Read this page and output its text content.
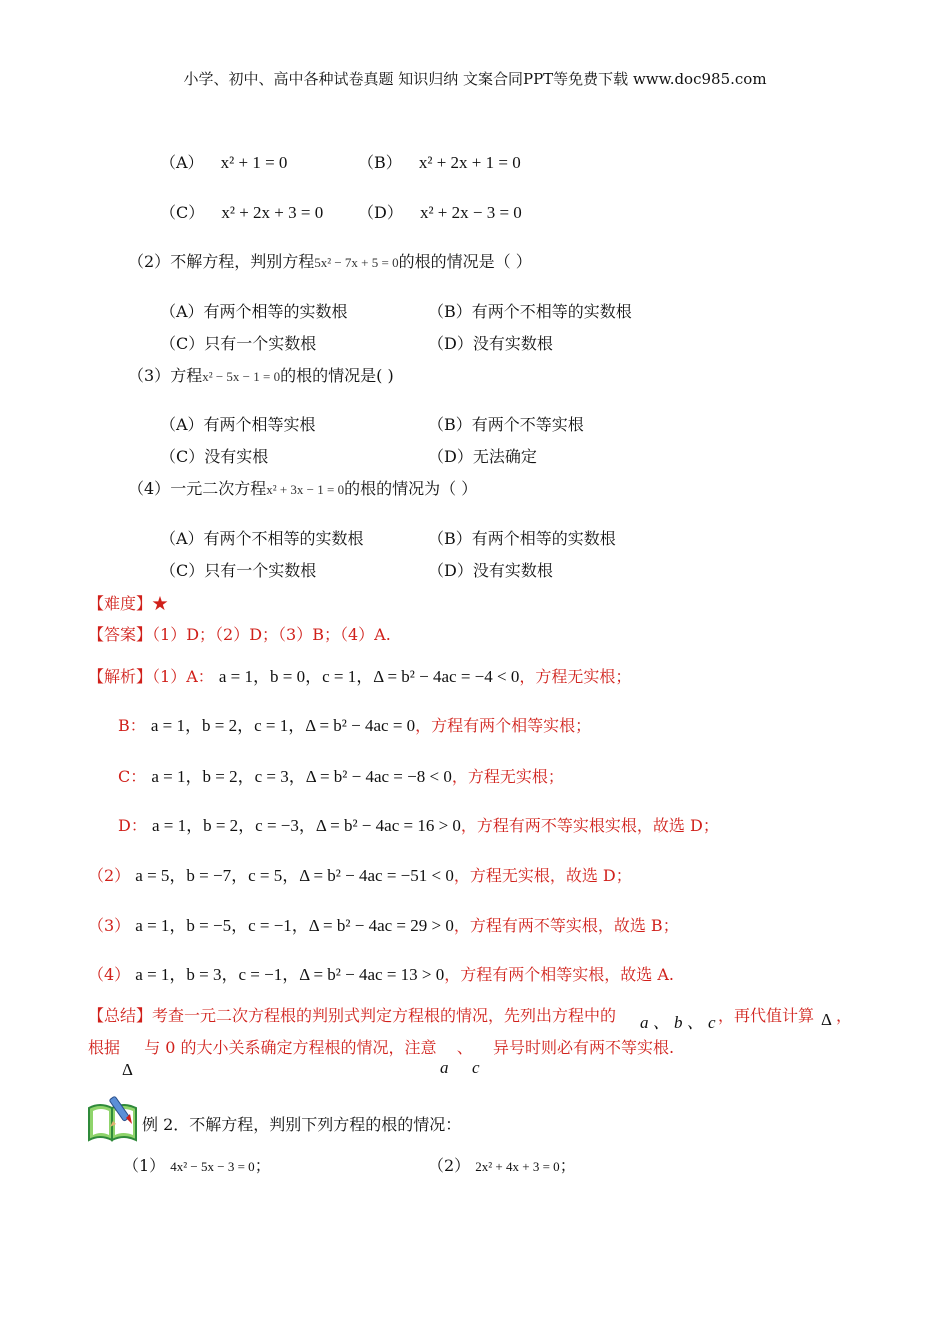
小学、初中、高中各种试卷真题 知识归纳 文案合同PPT等免费下载 www.doc985.com
（A） x² + 1 = 0	（B） x² + 2x + 1 = 0
（C） x² + 2x + 3 = 0 （D） x² + 2x − 3 = 0
（2）不解方程，判别方程5x² − 7x + 5 = 0的根的情况是（ ）
（A）有两个相等的实数根	（B）有两个不相等的实数根
（C）只有一个实数根	（D）没有实数根
（3）方程x² − 5x − 1 = 0的根的情况是( )
（A）有两个相等实根	（B）有两个不等实根
（C）没有实根	（D）无法确定
（4）一元二次方程x² + 3x − 1 = 0的根的情况为（ ）
（A）有两个不相等的实数根	（B）有两个相等的实数根
（C）只有一个实数根	（D）没有实数根
【难度】★
【答案】（1）D；（2）D；（3）B；（4）A.
【解析】（1）A： a = 1，b = 0，c = 1，Δ = b² − 4ac = −4 < 0，方程无实根；
B： a = 1，b = 2，c = 1，Δ = b² − 4ac = 0，方程有两个相等实根；
C： a = 1，b = 2，c = 3，Δ = b² − 4ac = −8 < 0，方程无实根；
D： a = 1，b = 2，c = −3，Δ = b² − 4ac = 16 > 0，方程有两不等实根实根，故选 D；
（2） a = 5，b = −7，c = 5，Δ = b² − 4ac = −51 < 0，方程无实根，故选 D；
（3） a = 1，b = −5，c = −1，Δ = b² − 4ac = 29 > 0，方程有两不等实根，故选 B；
（4） a = 1，b = 3，c = −1，Δ = b² − 4ac = 13 > 0，方程有两个相等实根，故选 A.
【总结】考查一元二次方程根的判别式判定方程根的情况，先列出方程中的 a 、 b 、 c ，再代值计算 Δ ，
根据 与 0 的大小关系确定方程根的情况，注意 、 异号时则必有两不等实根.
Δ	a c
例 2．不解方程，判别下列方程的根的情况：
（1） 4x² − 5x − 3 = 0；	（2） 2x² + 4x + 3 = 0；
